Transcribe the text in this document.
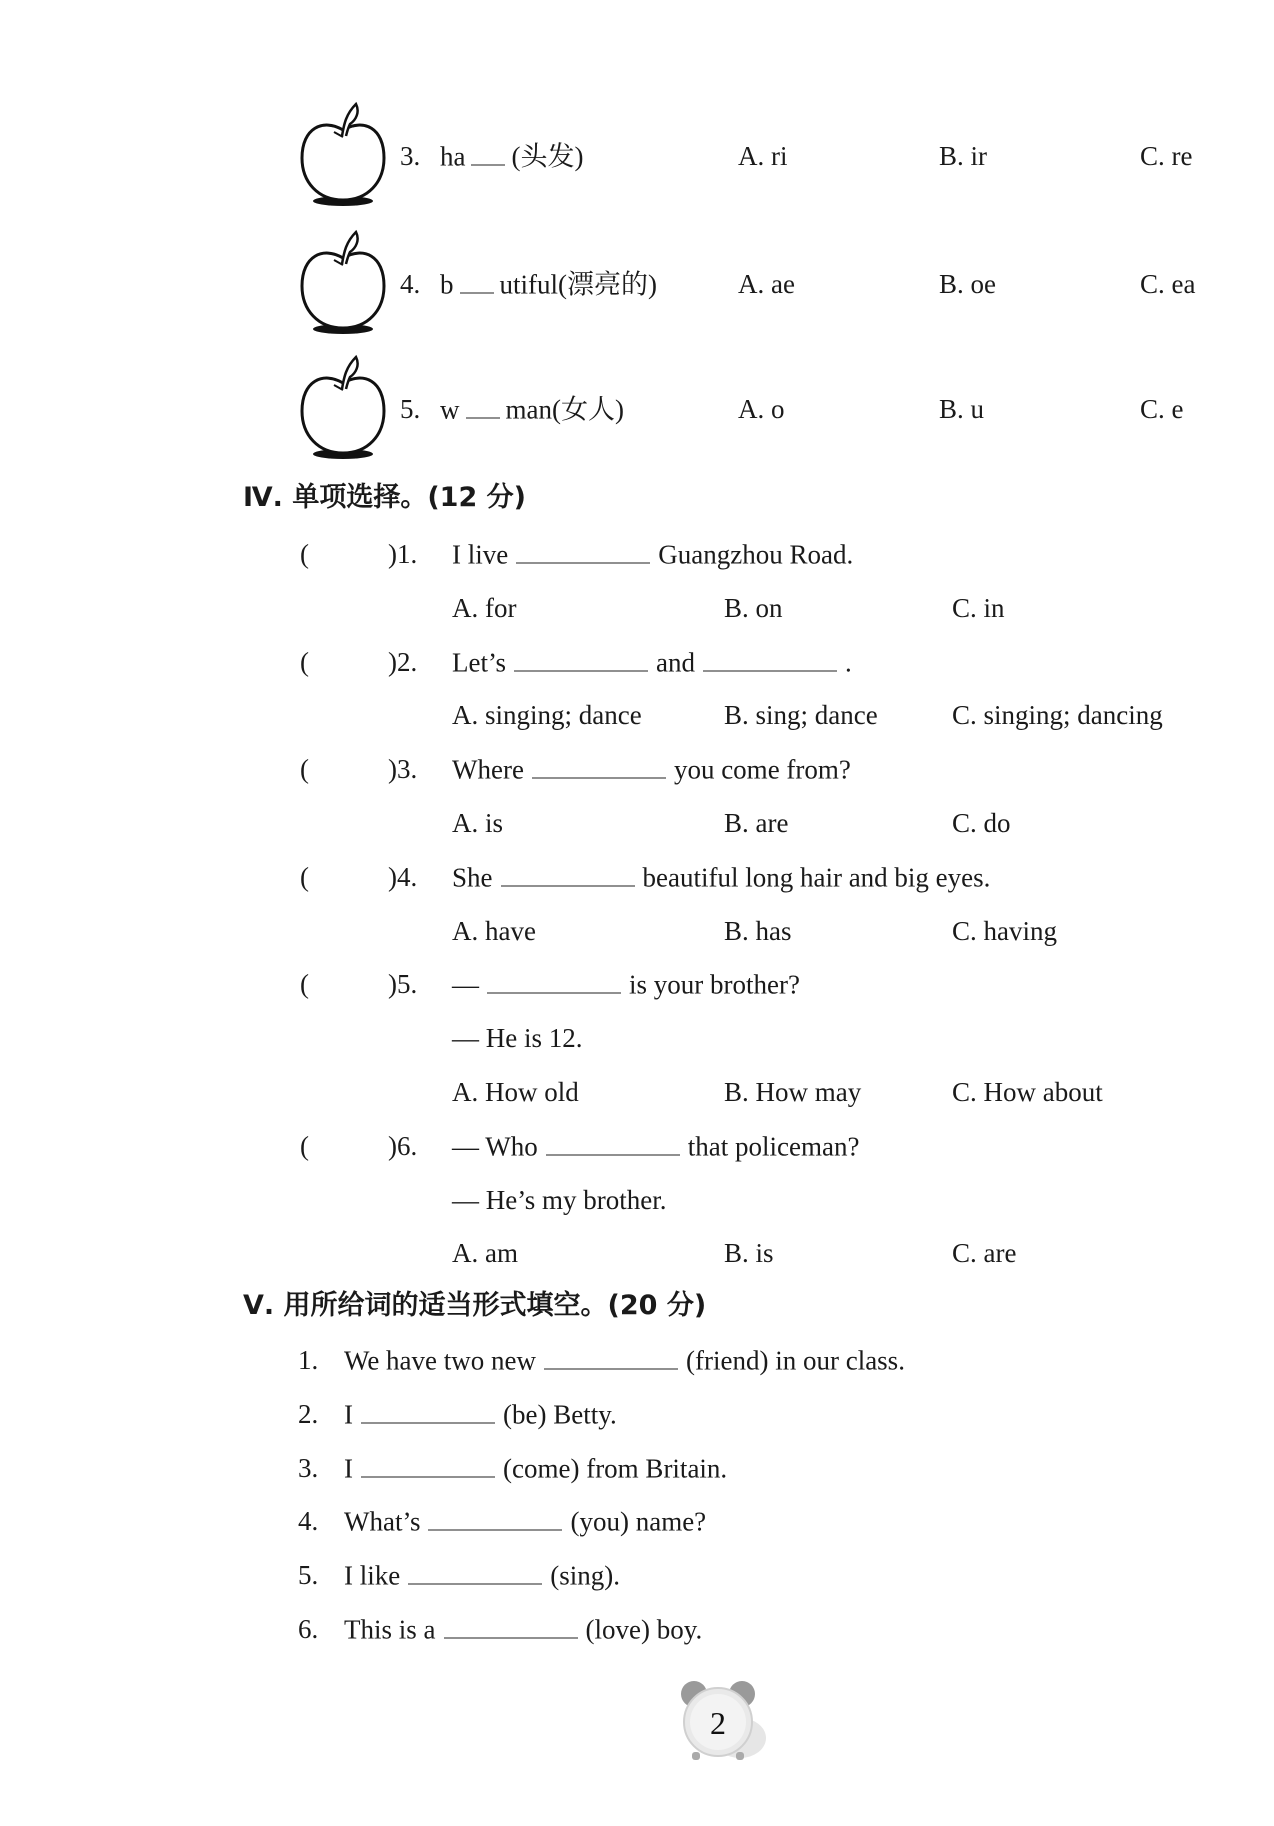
3. ha (头发)	A. ri	B. ir	C. re
4. b utiful(漂亮的)	A. ae	B. oe	C. ea
5. w man(女人)	A. o	B. u	C. e
Ⅳ. 单项选择。(12 分)
(	)1. I live	Guangzhou Road.
A. for	B. on	C. in
(	)2. Let’s	and	.
A. singing; dance	B. sing; dance	C. singing; dancing
(	)3. Where	you come from?
A. is	B. are	C. do
(	)4. She	beautiful long hair and big eyes.
A. have	B. has	C. having
(	)5. —	is your brother?
— He is 12.
A. How old	B. How may	C. How about
(	)6. — Who	that policeman?
— He’s my brother.
A. am	B. is	C. are
Ⅴ. 用所给词的适当形式填空。(20 分)
1. We have two new	(friend) in our class.
2. I	(be) Betty.
3. I	(come) from Britain.
4. What’s	(you) name?
5. I like	(sing).
6. This is a	(love) boy.
2
